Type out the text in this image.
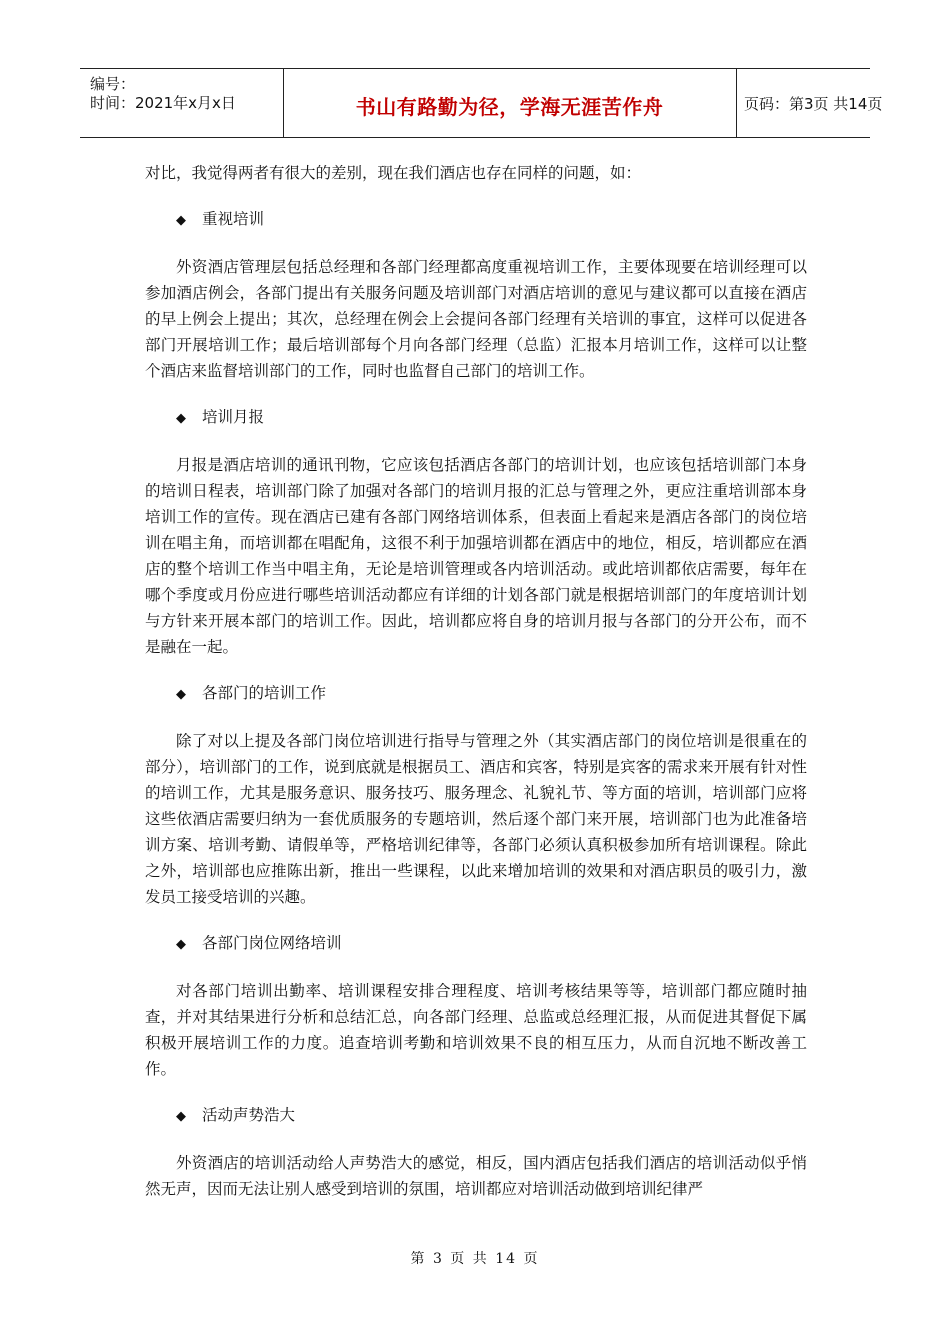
编号：
时间：2021年x月x日	书山有路勤为径，学海无涯苦作舟	页码：第3页 共14页

对比，我觉得两者有很大的差别，现在我们酒店也存在同样的问题，如：

◆ 重视培训

外资酒店管理层包括总经理和各部门经理都高度重视培训工作，主要体现要在培训经理可以参加酒店例会，各部门提出有关服务问题及培训部门对酒店培训的意见与建议都可以直接在酒店的早上例会上提出；其次，总经理在例会上会提问各部门经理有关培训的事宜，这样可以促进各部门开展培训工作；最后培训部每个月向各部门经理（总监）汇报本月培训工作，这样可以让整个酒店来监督培训部门的工作，同时也监督自己部门的培训工作。

◆ 培训月报

月报是酒店培训的通讯刊物，它应该包括酒店各部门的培训计划，也应该包括培训部门本身的培训日程表，培训部门除了加强对各部门的培训月报的汇总与管理之外，更应注重培训部本身培训工作的宣传。现在酒店已建有各部门网络培训体系，但表面上看起来是酒店各部门的岗位培训在唱主角，而培训都在唱配角，这很不利于加强培训都在酒店中的地位，相反，培训都应在酒店的整个培训工作当中唱主角，无论是培训管理或各内培训活动。或此培训都依店需要，每年在哪个季度或月份应进行哪些培训活动都应有详细的计划各部门就是根据培训部门的年度培训计划与方针来开展本部门的培训工作。因此，培训都应将自身的培训月报与各部门的分开公布，而不是融在一起。

◆ 各部门的培训工作

除了对以上提及各部门岗位培训进行指导与管理之外（其实酒店部门的岗位培训是很重在的部分），培训部门的工作，说到底就是根据员工、酒店和宾客，特别是宾客的需求来开展有针对性的培训工作，尤其是服务意识、服务技巧、服务理念、礼貌礼节、等方面的培训，培训部门应将这些依酒店需要归纳为一套优质服务的专题培训，然后逐个部门来开展，培训部门也为此准备培训方案、培训考勤、请假单等，严格培训纪律等，各部门必须认真积极参加所有培训课程。除此之外，培训部也应推陈出新，推出一些课程，以此来增加培训的效果和对酒店职员的吸引力，激发员工接受培训的兴趣。

◆ 各部门岗位网络培训

对各部门培训出勤率、培训课程安排合理程度、培训考核结果等等，培训部门都应随时抽查，并对其结果进行分析和总结汇总，向各部门经理、总监或总经理汇报，从而促进其督促下属积极开展培训工作的力度。追查培训考勤和培训效果不良的相互压力，从而自沉地不断改善工作。

◆ 活动声势浩大

外资酒店的培训活动给人声势浩大的感觉，相反，国内酒店包括我们酒店的培训活动似乎悄然无声，因而无法让别人感受到培训的氛围，培训都应对培训活动做到培训纪律严

第 3 页 共 14 页
